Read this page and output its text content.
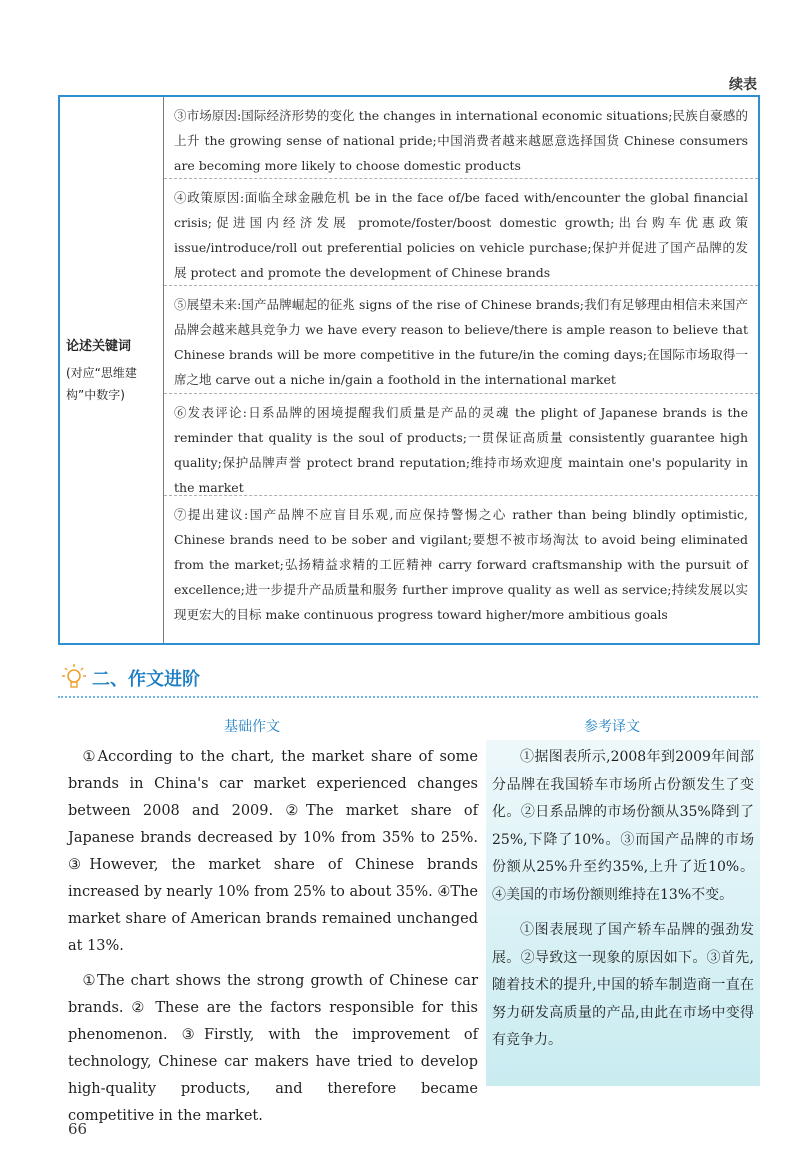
续表
论述关键词
(对应“思维建构”中数字)
③市场原因:国际经济形势的变化 the changes in international economic situations;民族自豪感的上升 the growing sense of national pride;中国消费者越来越愿意选择国货 Chinese consumers are becoming more likely to choose domestic products
④政策原因:面临全球金融危机 be in the face of/be faced with/encounter the global financial crisis;促进国内经济发展 promote/foster/boost domestic growth;出台购车优惠政策 issue/introduce/roll out preferential policies on vehicle purchase;保护并促进了国产品牌的发展 protect and promote the development of Chinese brands
⑤展望未来:国产品牌崛起的征兆 signs of the rise of Chinese brands;我们有足够理由相信未来国产品牌会越来越具竞争力 we have every reason to believe/there is ample reason to believe that Chinese brands will be more competitive in the future/in the coming days;在国际市场取得一席之地 carve out a niche in/gain a foothold in the international market
⑥发表评论:日系品牌的困境提醒我们质量是产品的灵魂 the plight of Japanese brands is the reminder that quality is the soul of products;一贯保证高质量 consistently guarantee high quality;保护品牌声誉 protect brand reputation;维持市场欢迎度 maintain one's popularity in the market
⑦提出建议:国产品牌不应盲目乐观,而应保持警惕之心 rather than being blindly optimistic, Chinese brands need to be sober and vigilant;要想不被市场淘汰 to avoid being eliminated from the market;弘扬精益求精的工匠精神 carry forward craftsmanship with the pursuit of excellence;进一步提升产品质量和服务 further improve quality as well as service;持续发展以实现更宏大的目标 make continuous progress toward higher/more ambitious goals
二、作文进阶
基础作文	参考译文

①According to the chart, the market share of some brands in China's car market experienced changes between 2008 and 2009. ②The market share of Japanese brands decreased by 10% from 35% to 25%. ③However, the market share of Chinese brands increased by nearly 10% from 25% to about 35%. ④The market share of American brands remained unchanged at 13%.

①The chart shows the strong growth of Chinese car brands. ② These are the factors responsible for this phenomenon. ③Firstly, with the improvement of technology, Chinese car makers have tried to develop high-quality products, and therefore became competitive in the market.

①据图表所示,2008年到2009年间部分品牌在我国轿车市场所占份额发生了变化。②日系品牌的市场份额从35%降到了25%,下降了10%。③而国产品牌的市场份额从25%升至约35%,上升了近10%。④美国的市场份额则维持在13%不变。

①图表展现了国产轿车品牌的强劲发展。②导致这一现象的原因如下。③首先,随着技术的提升,中国的轿车制造商一直在努力研发高质量的产品,由此在市场中变得有竞争力。

66
